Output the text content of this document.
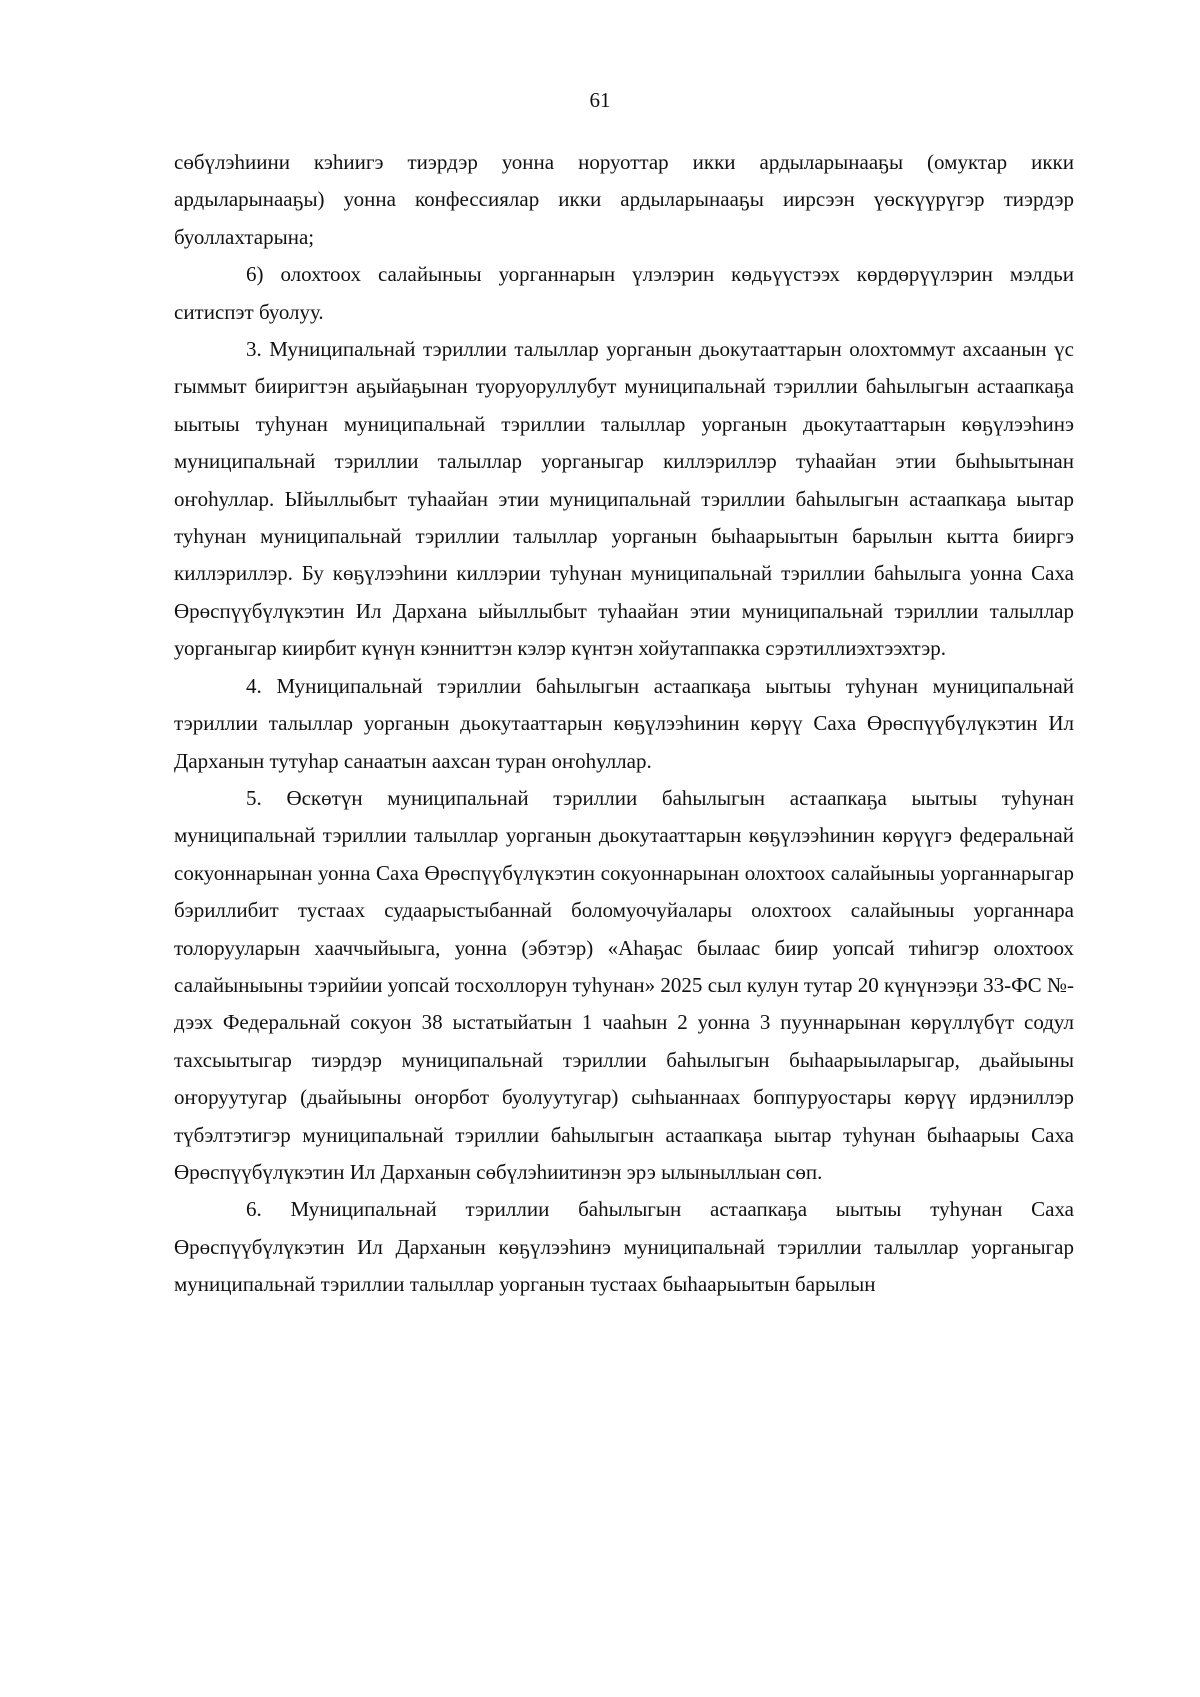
61

сөбүлэһиини кэһиигэ тиэрдэр уонна норуоттар икки ардыларынааҕы (омуктар икки ардыларынааҕы) уонна конфессиялар икки ардыларынааҕы иирсээн үөскүүрүгэр тиэрдэр буоллахтарына;

6) олохтоох салайыныы уорганнарын үлэлэрин көдьүүстээх көрдөрүүлэрин мэлдьи ситиспэт буолуу.

3. Муниципальнай тэриллии талыллар уорганын дьокутааттарын олохтоммут ахсаанын үс гыммыт бииригтэн аҕыйаҕынан туоруоруллубут муниципальнай тэриллии баһылыгын астаапкаҕа ыытыы туһунан муниципальнай тэриллии талыллар уорганын дьокутааттарын көҕүлээһинэ муниципальнай тэриллии талыллар уорганыгар киллэриллэр туһаайан этии быһыытынан оҥоһуллар. Ыйыллыбыт туһаайан этии муниципальнай тэриллии баһылыгын астаапкаҕа ыытар туһунан муниципальнай тэриллии талыллар уорганын быһаарыытын барылын кытта бииргэ киллэриллэр. Бу көҕүлээһини киллэрии туһунан муниципальнай тэриллии баһылыга уонна Саха Өрөспүүбүлүкэтин Ил Дархана ыйыллыбыт туһаайан этии муниципальнай тэриллии талыллар уорганыгар киирбит күнүн кэнниттэн кэлэр күнтэн хойутаппакка сэрэтиллиэхтээхтэр.

4. Муниципальнай тэриллии баһылыгын астаапкаҕа ыытыы туһунан муниципальнай тэриллии талыллар уорганын дьокутааттарын көҕүлээһинин көрүү Саха Өрөспүүбүлүкэтин Ил Дарханын тутуһар санаатын аахсан туран оҥоһуллар.

5. Өскөтүн муниципальнай тэриллии баһылыгын астаапкаҕа ыытыы туһунан муниципальнай тэриллии талыллар уорганын дьокутааттарын көҕүлээһинин көрүүгэ федеральнай сокуоннарынан уонна Саха Өрөспүүбүлүкэтин сокуоннарынан олохтоох салайыныы уорганнарыгар бэриллибит тустаах судаарыстыбаннай боломуочуйалары олохтоох салайыныы уорганнара толорууларын хааччыйыыга, уонна (эбэтэр) «Аһаҕас былаас биир уопсай тиһигэр олохтоох салайыныыны тэрийии уопсай тосхоллорун туһунан» 2025 сыл кулун тутар 20 күнүнээҕи 33-ФС №-дээх Федеральнай сокуон 38 ыстатыйатын 1 чааһын 2 уонна 3 пууннарынан көрүллүбүт содул тахсыытыгар тиэрдэр муниципальнай тэриллии баһылыгын быһаарыыларыгар, дьайыыны оҥоруутугар (дьайыыны оҥорбот буолуутугар) сыһыаннаах боппуруостары көрүү ирдэниллэр түбэлтэтигэр муниципальнай тэриллии баһылыгын астаапкаҕа ыытар туһунан быһаарыы Саха Өрөспүүбүлүкэтин Ил Дарханын сөбүлэһиитинэн эрэ ылыныллыан сөп.

6. Муниципальнай тэриллии баһылыгын астаапкаҕа ыытыы туһунан Саха Өрөспүүбүлүкэтин Ил Дарханын көҕүлээһинэ муниципальнай тэриллии талыллар уорганыгар муниципальнай тэриллии талыллар уорганын тустаах быһаарыытын барылын
